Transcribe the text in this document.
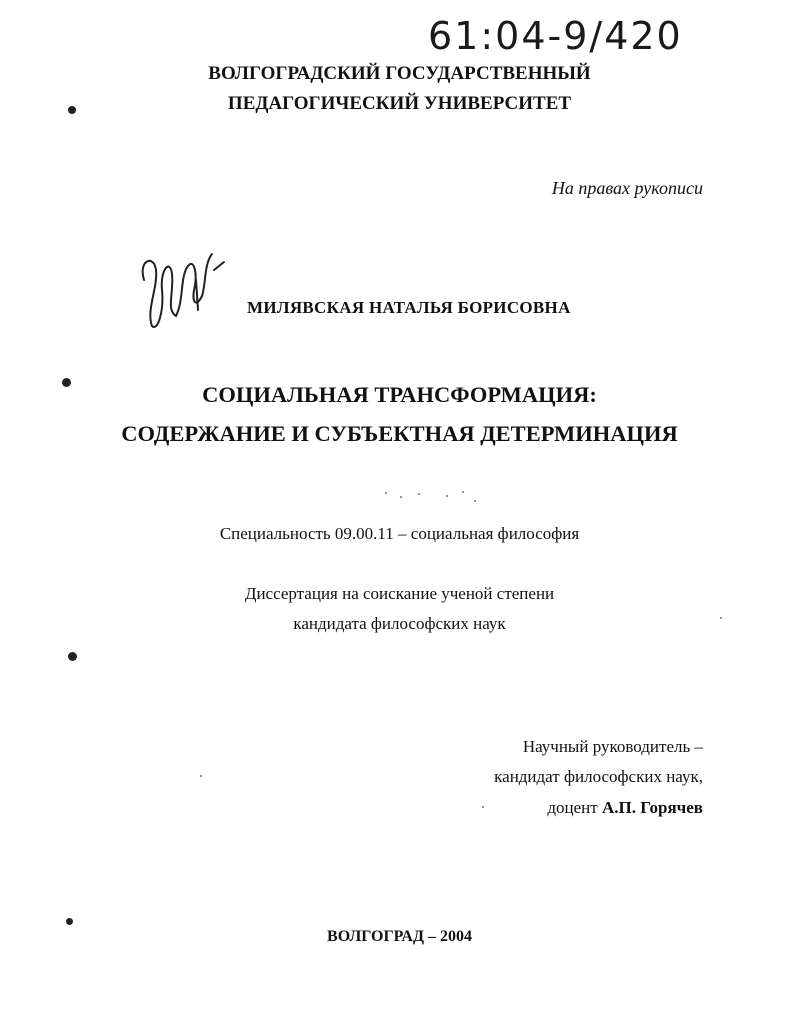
61:04-9/420
ВОЛГОГРАДСКИЙ ГОСУДАРСТВЕННЫЙ
ПЕДАГОГИЧЕСКИЙ УНИВЕРСИТЕТ
На правах рукописи
МИЛЯВСКАЯ НАТАЛЬЯ БОРИСОВНА
СОЦИАЛЬНАЯ ТРАНСФОРМАЦИЯ:
СОДЕРЖАНИЕ И СУБЪЕКТНАЯ ДЕТЕРМИНАЦИЯ
Специальность 09.00.11 – социальная философия
Диссертация на соискание ученой степени
кандидата философских наук
Научный руководитель –
кандидат философских наук,
доцент А.П. Горячев
ВОЛГОГРАД – 2004
